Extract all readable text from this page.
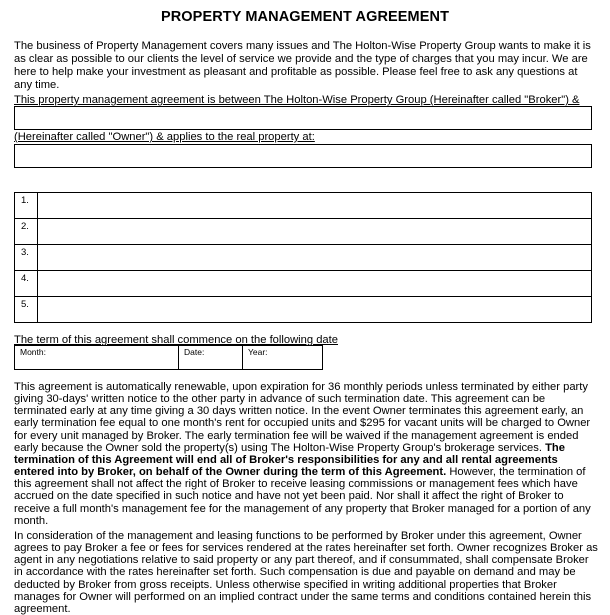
PROPERTY MANAGEMENT AGREEMENT
The business of Property Management covers many issues and The Holton-Wise Property Group wants to make it is as clear as possible to our clients the level of service we provide and the type of charges that you may incur. We are here to help make your investment as pleasant and profitable as possible. Please feel free to ask any questions at any time.
This property management agreement is between The Holton-Wise Property Group (Hereinafter called "Broker") &
(Hereinafter called "Owner") & applies to the real property at:
1.	
2.	
3.	
4.	
5.	
The term of this agreement shall commence on the following date
Month:	Date:	Year:
This agreement is automatically renewable, upon expiration for 36 monthly periods unless terminated by either party giving 30-days' written notice to the other party in advance of such termination date. This agreement can be terminated early at any time giving a 30 days written notice. In the event Owner terminates this agreement early, an early termination fee equal to one month's rent for occupied units and $295 for vacant units will be charged to Owner for every unit managed by Broker. The early termination fee will be waived if the management agreement is ended early because the Owner sold the property(s) using The Holton-Wise Property Group's brokerage services. The termination of this Agreement will end all of Broker's responsibilities for any and all rental agreements entered into by Broker, on behalf of the Owner during the term of this Agreement. However, the termination of this agreement shall not affect the right of Broker to receive leasing commissions or management fees which have accrued on the date specified in such notice and have not yet been paid. Nor shall it affect the right of Broker to receive a full month's management fee for the management of any property that Broker managed for a portion of any month.
In consideration of the management and leasing functions to be performed by Broker under this agreement, Owner agrees to pay Broker a fee or fees for services rendered at the rates hereinafter set forth. Owner recognizes Broker as agent in any negotiations relative to said property or any part thereof, and if consummated, shall compensate Broker in accordance with the rates hereinafter set forth. Such compensation is due and payable on demand and may be deducted by Broker from gross receipts. Unless otherwise specified in writing additional properties that Broker manages for Owner will performed on an implied contract under the same terms and conditions contained herein this agreement.
